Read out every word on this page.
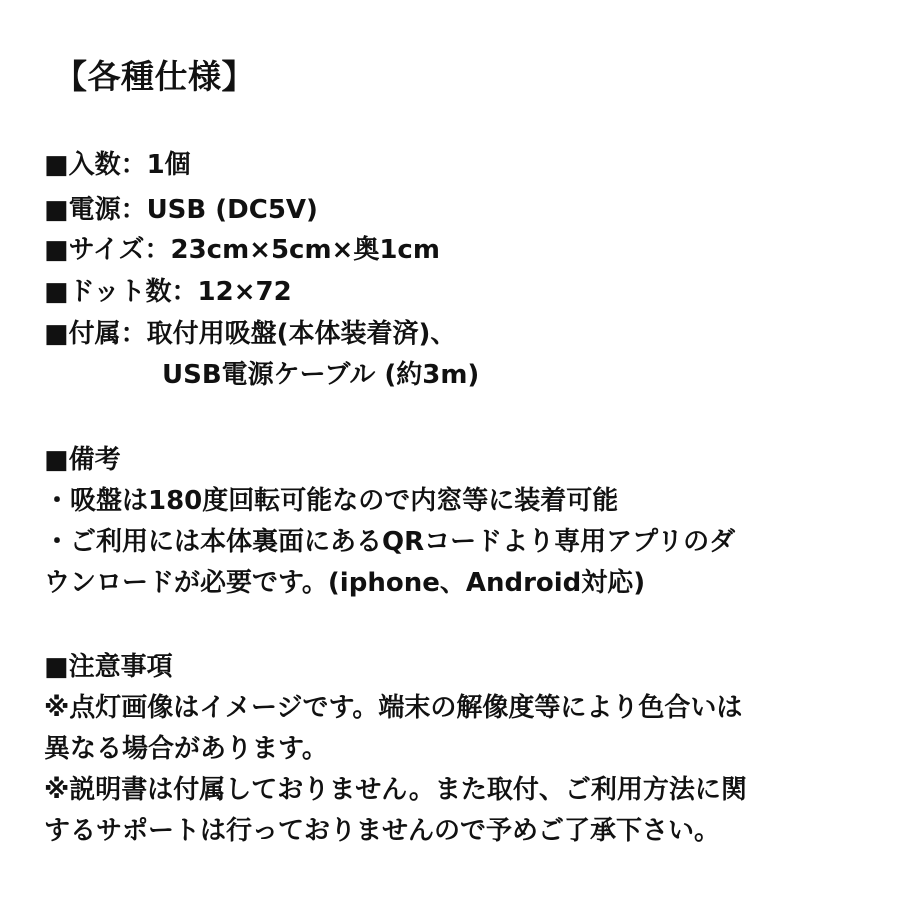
【各種仕様】
■入数：1個
■電源：USB (DC5V)
■サイズ：23cm×5cm×奥1cm
■ドット数：12×72
■付属：取付用吸盤(本体装着済)、
USB電源ケーブル (約3m)
■備考
・吸盤は180度回転可能なので内窓等に装着可能
・ご利用には本体裏面にあるQRコードより専用アプリのダ
ウンロードが必要です。(iphone、Android対応)
■注意事項
※点灯画像はイメージです。端末の解像度等により色合いは
異なる場合があります。
※説明書は付属しておりません。また取付、ご利用方法に関
するサポートは行っておりませんので予めご了承下さい。
